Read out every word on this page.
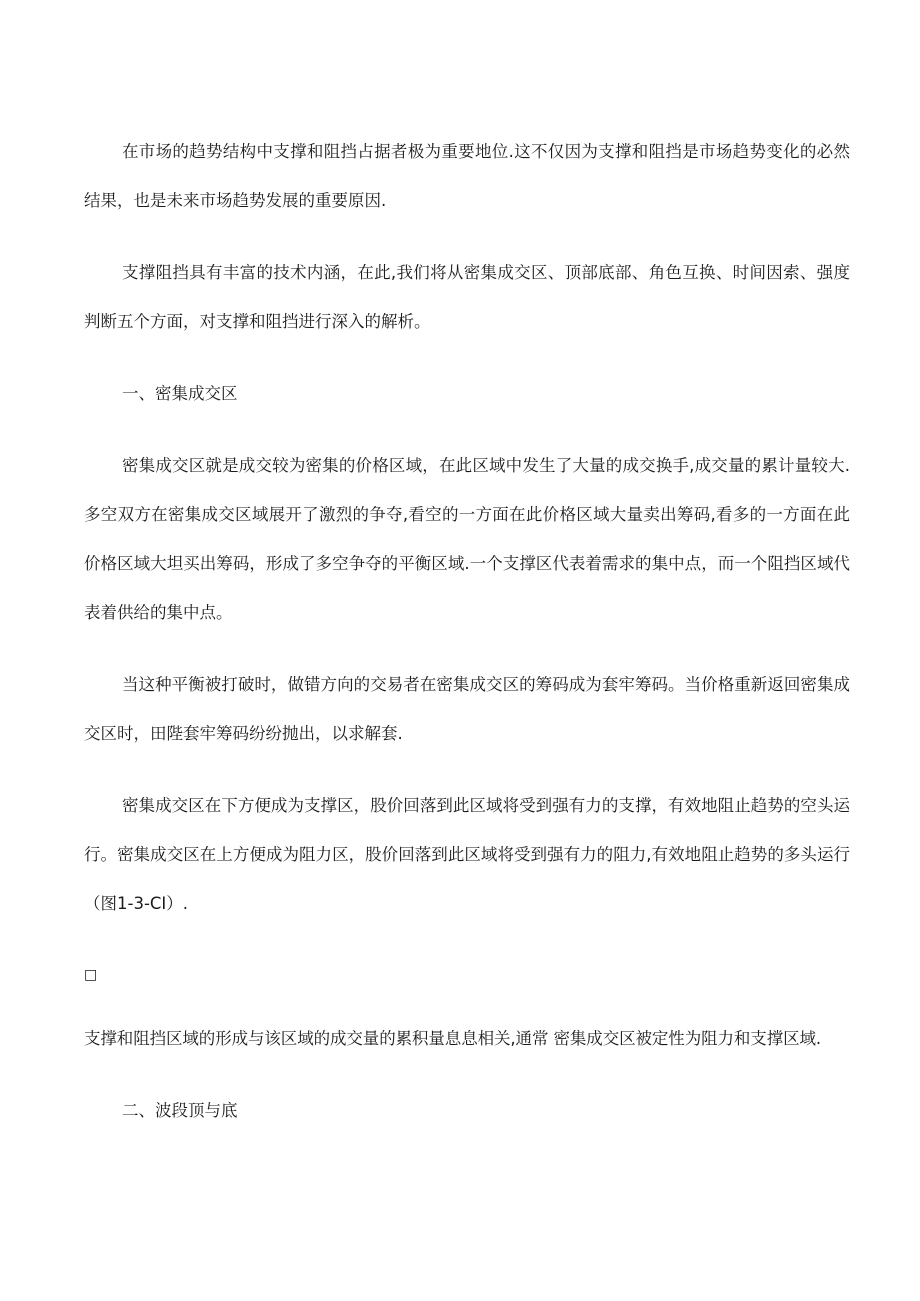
在市场的趋势结构中支撑和阻挡占据者极为重要地位.这不仅因为支撑和阻挡是市场趋势变化的必然结果，也是未来市场趋势发展的重要原因.

支撑阻挡具有丰富的技术内涵，在此,我们将从密集成交区、顶部底部、角色互换、时间因索、强度判断五个方面，对支撑和阻挡进行深入的解析。

一、密集成交区

密集成交区就是成交较为密集的价格区域，在此区域中发生了大量的成交换手,成交量的累计量较大.多空双方在密集成交区域展开了激烈的争夺,看空的一方面在此价格区域大量卖出筹码,看多的一方面在此价格区域大坦买出筹码，形成了多空争夺的平衡区域.一个支撑区代表着需求的集中点，而一个阻挡区域代表着供给的集中点。

当这种平衡被打破时，做错方向的交易者在密集成交区的筹码成为套牢筹码。当价格重新返回密集成交区时，田陛套牢筹码纷纷抛出，以求解套.

密集成交区在下方便成为支撑区，股价回落到此区域将受到强有力的支撑，有效地阻止趋势的空头运行。密集成交区在上方便成为阻力区，股价回落到此区域将受到强有力的阻力,有效地阻止趋势的多头运行（图1-3-CI）.

□

支撑和阻挡区域的形成与该区域的成交量的累积量息息相关,通常 密集成交区被定性为阻力和支撑区域.

二、波段顶与底
